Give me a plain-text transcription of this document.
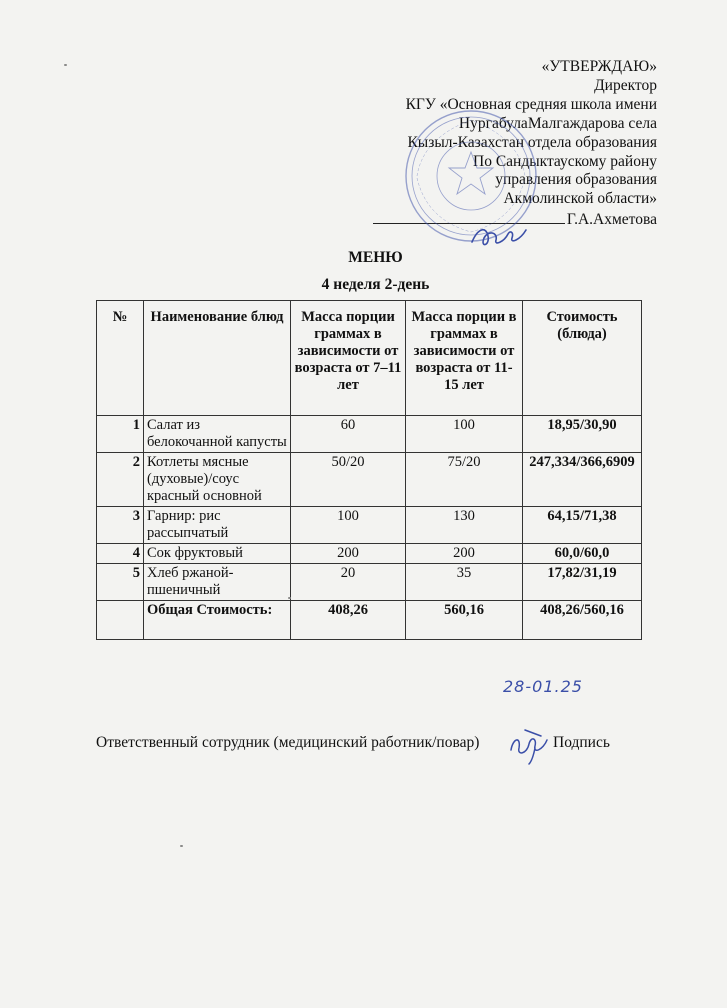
«УТВЕРЖДАЮ»
Директор
КГУ «Основная средняя школа имени
НургабулаМалгаждарова села
Кызыл-Казахстан отдела образования
По Сандыктаускому району
управления образования
Акмолинской области»
Г.А.Ахметова
МЕНЮ
4 неделя 2-день
№	Наименование блюд	Масса порции граммах в зависимости от возраста от 7–11 лет	Масса порции в граммах в зависимости от возраста от 11-15 лет	Стоимость (блюда)
1	Салат из белокочанной капусты	60	100	18,95/30,90
2	Котлеты мясные (духовые)/соус красный основной	50/20	75/20	247,334/366,6909
3	Гарнир: рис рассыпчатый	100	130	64,15/71,38
4	Сок фруктовый	200	200	60,0/60,0
5	Хлеб ржаной-пшеничный	20	35	17,82/31,19
	Общая Стоимость:	408,26	560,16	408,26/560,16
28-01.25
Ответственный сотрудник (медицинский работник/повар)	Подпись
